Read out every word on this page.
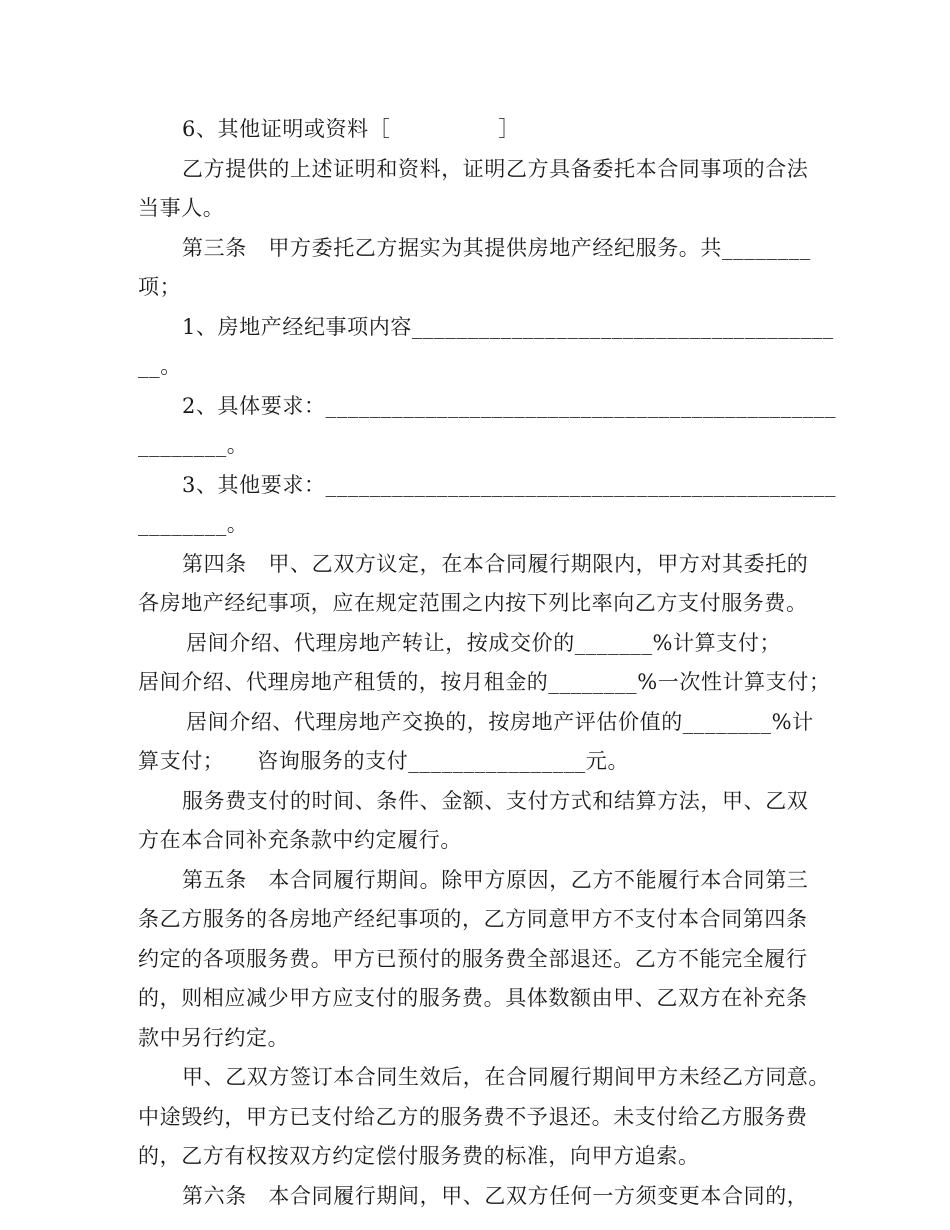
6、其他证明或资料［　　　　　］
乙方提供的上述证明和资料，证明乙方具备委托本合同事项的合法
当事人。
第三条　甲方委托乙方据实为其提供房地产经纪服务。共________
项；
1、房地产经纪事项内容______________________________________
__。
2、具体要求：______________________________________________
________。
3、其他要求：______________________________________________
________。
第四条　甲、乙双方议定，在本合同履行期限内，甲方对其委托的
各房地产经纪事项，应在规定范围之内按下列比率向乙方支付服务费。
居间介绍、代理房地产转让，按成交价的_______%计算支付；
居间介绍、代理房地产租赁的，按月租金的________%一次性计算支付；
居间介绍、代理房地产交换的，按房地产评估价值的________%计
算支付；　　咨询服务的支付________________元。
服务费支付的时间、条件、金额、支付方式和结算方法，甲、乙双
方在本合同补充条款中约定履行。
第五条　本合同履行期间。除甲方原因，乙方不能履行本合同第三
条乙方服务的各房地产经纪事项的，乙方同意甲方不支付本合同第四条
约定的各项服务费。甲方已预付的服务费全部退还。乙方不能完全履行
的，则相应减少甲方应支付的服务费。具体数额由甲、乙双方在补充条
款中另行约定。
甲、乙双方签订本合同生效后，在合同履行期间甲方未经乙方同意。
中途毁约，甲方已支付给乙方的服务费不予退还。未支付给乙方服务费
的，乙方有权按双方约定偿付服务费的标准，向甲方追索。
第六条　本合同履行期间，甲、乙双方任何一方须变更本合同的，
